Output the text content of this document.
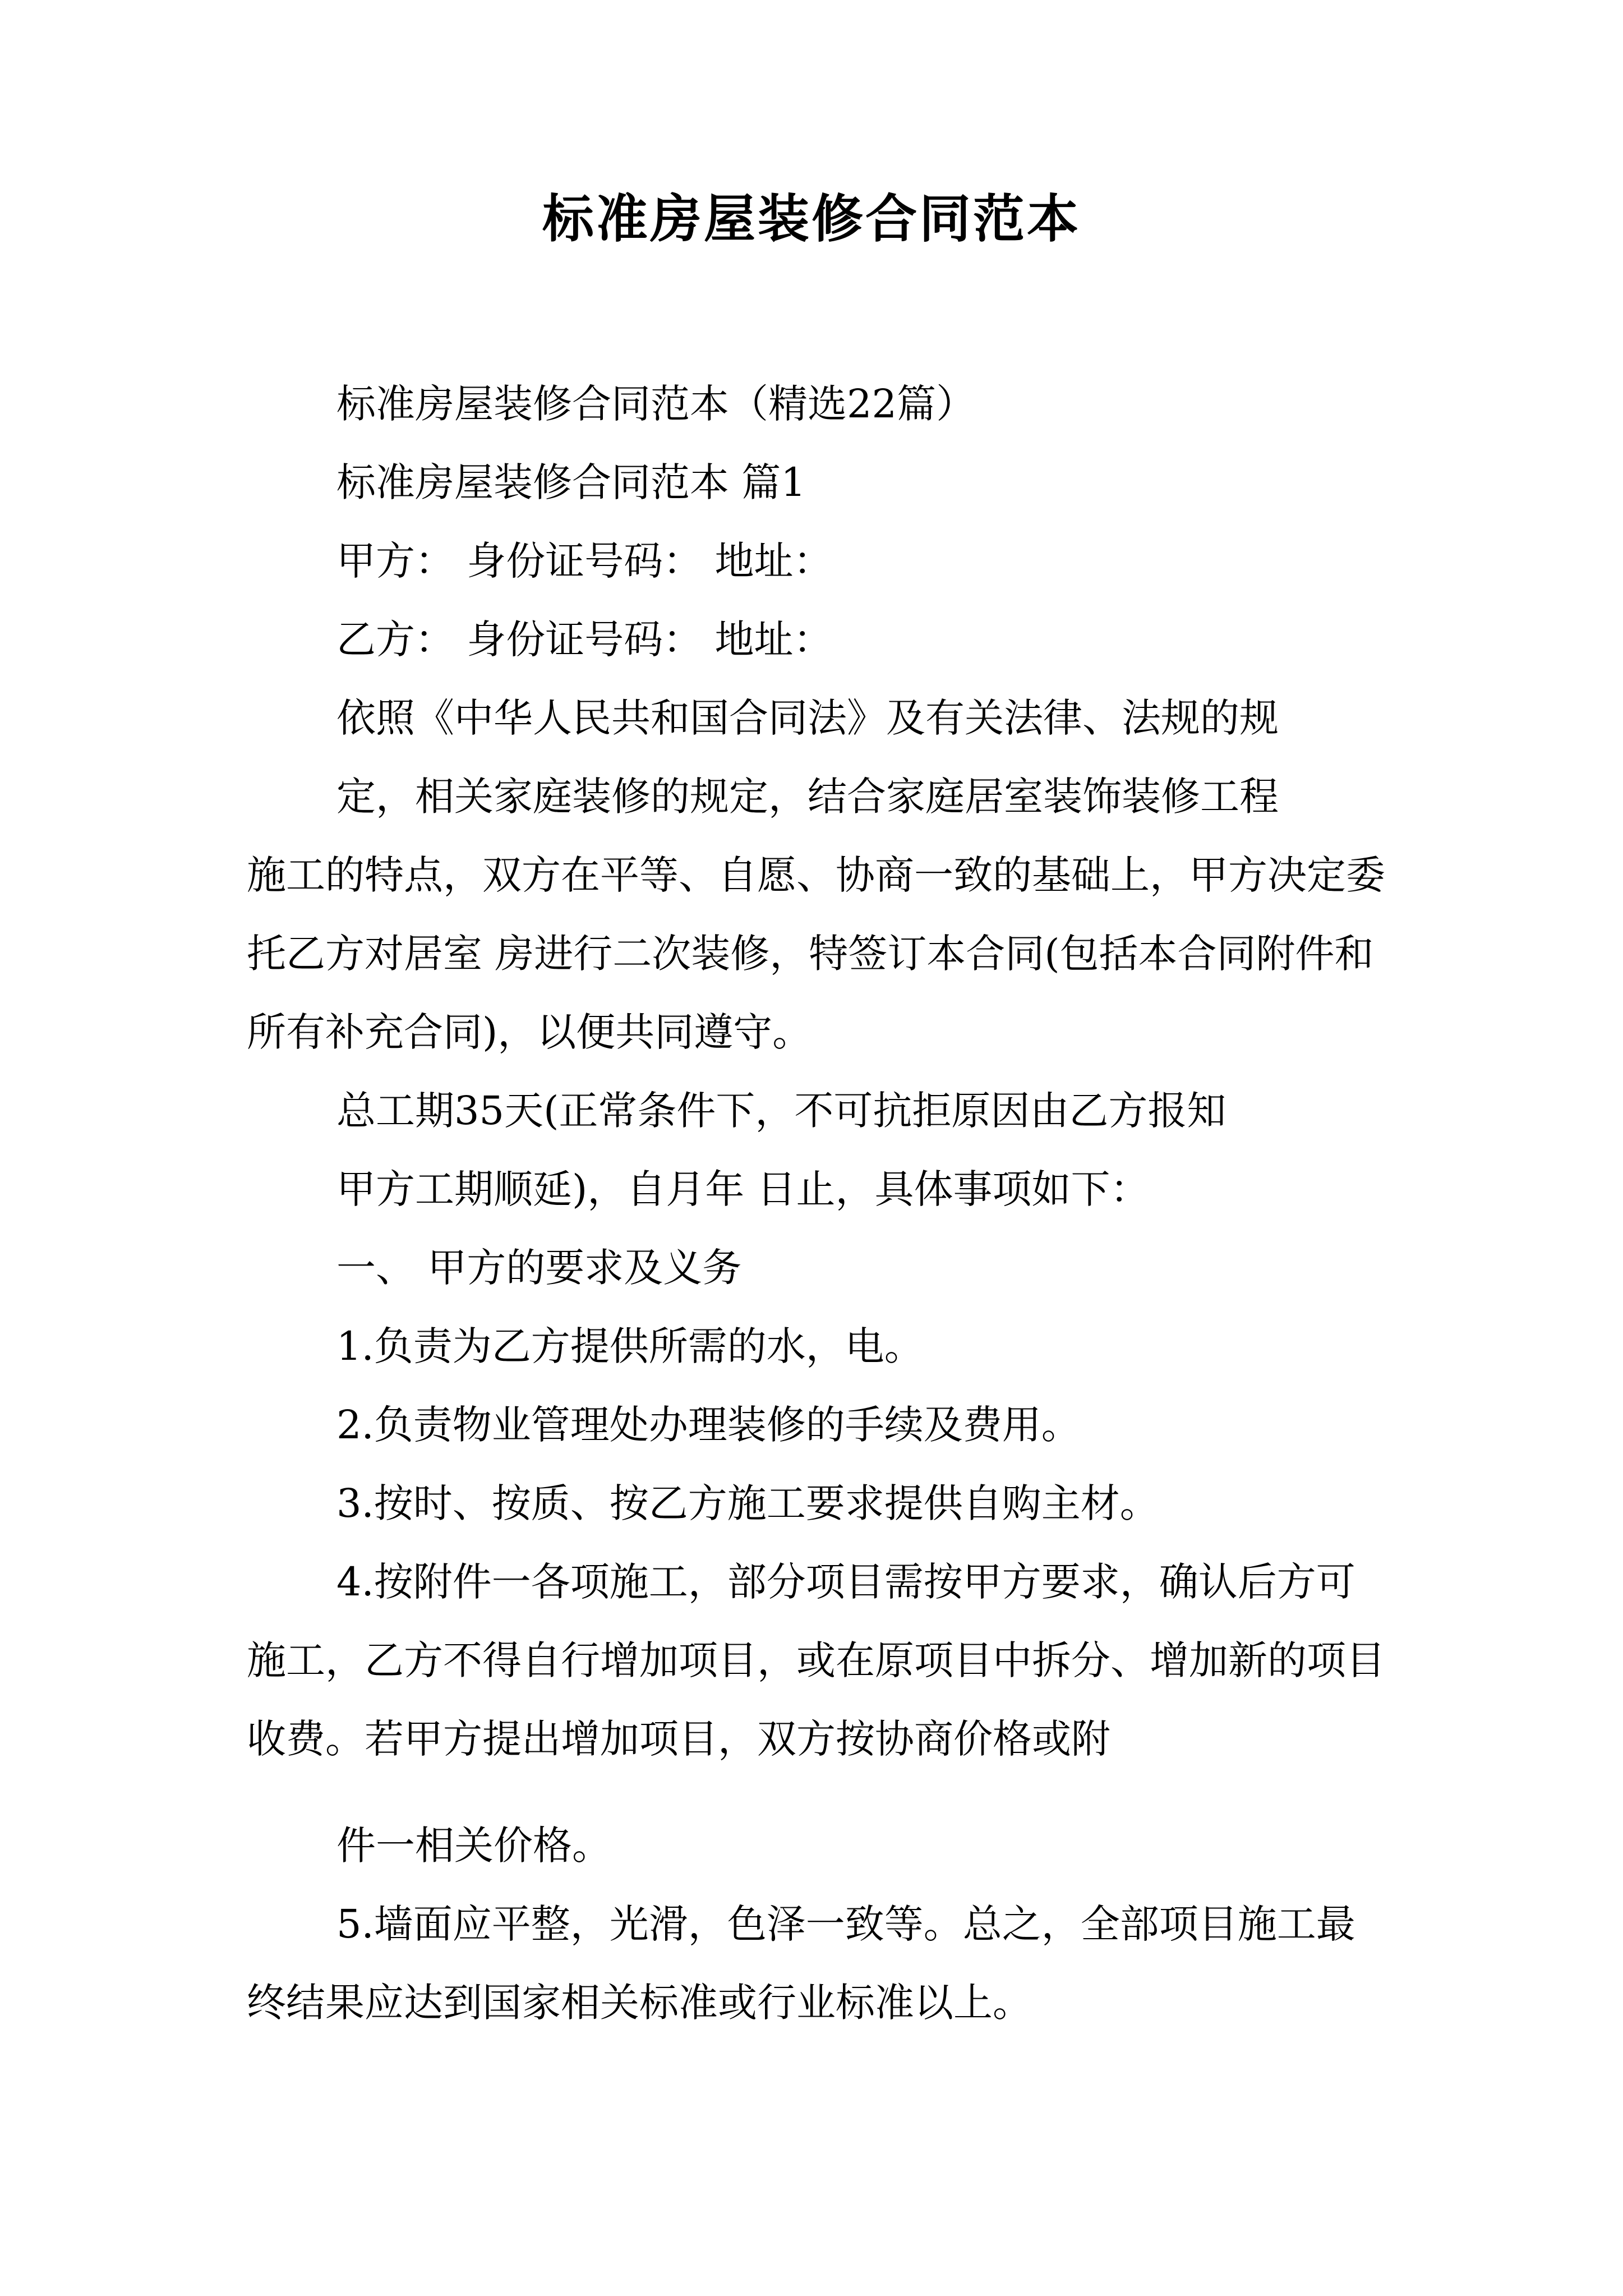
标准房屋装修合同范本

标准房屋装修合同范本（精选22篇）

标准房屋装修合同范本 篇1

甲方： 身份证号码： 地址：

乙方： 身份证号码： 地址：

依照《中华人民共和国合同法》及有关法律、法规的规

定，相关家庭装修的规定，结合家庭居室装饰装修工程

施工的特点，双方在平等、自愿、协商一致的基础上，甲方决定委托乙方对居室 房进行二次装修，特签订本合同(包括本合同附件和所有补充合同)，以便共同遵守。

总工期35天(正常条件下，不可抗拒原因由乙方报知

甲方工期顺延)，自月年 日止，具体事项如下：

一、 甲方的要求及义务

1.负责为乙方提供所需的水，电。

2.负责物业管理处办理装修的手续及费用。

3.按时、按质、按乙方施工要求提供自购主材。

4.按附件一各项施工，部分项目需按甲方要求，确认后方可施工，乙方不得自行增加项目，或在原项目中拆分、增加新的项目收费。若甲方提出增加项目，双方按协商价格或附

件一相关价格。

5.墙面应平整，光滑，色泽一致等。总之，全部项目施工最终结果应达到国家相关标准或行业标准以上。
